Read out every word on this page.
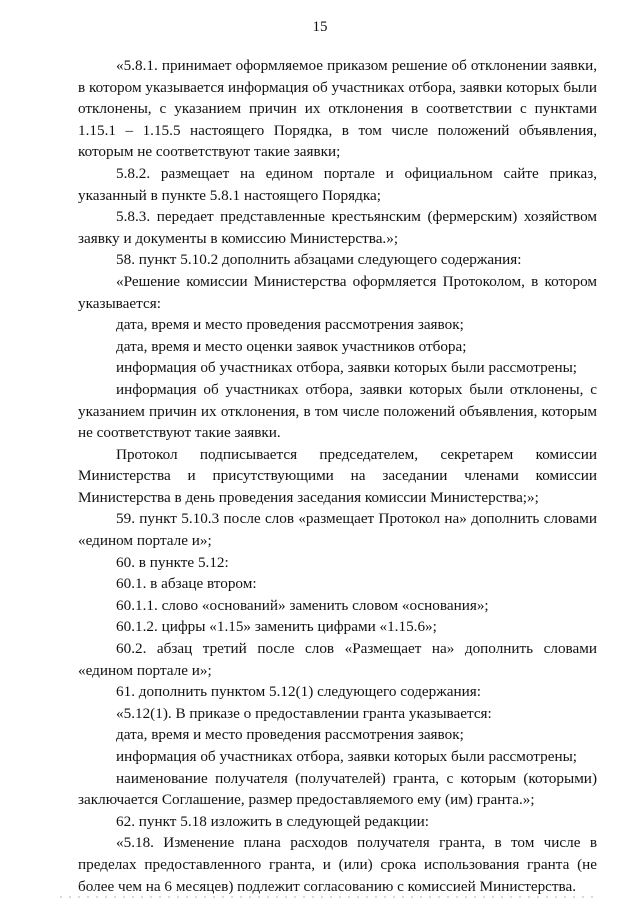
15

«5.8.1. принимает оформляемое приказом решение об отклонении заявки, в котором указывается информация об участниках отбора, заявки которых были отклонены, с указанием причин их отклонения в соответствии с пунктами 1.15.1 – 1.15.5 настоящего Порядка, в том числе положений объявления, которым не соответствуют такие заявки;

5.8.2. размещает на едином портале и официальном сайте приказ, указанный в пункте 5.8.1 настоящего Порядка;

5.8.3. передает представленные крестьянским (фермерским) хозяйством заявку и документы в комиссию Министерства.»;

58. пункт 5.10.2 дополнить абзацами следующего содержания:

«Решение комиссии Министерства оформляется Протоколом, в котором указывается:

дата, время и место проведения рассмотрения заявок;

дата, время и место оценки заявок участников отбора;

информация об участниках отбора, заявки которых были рассмотрены;

информация об участниках отбора, заявки которых были отклонены, с указанием причин их отклонения, в том числе положений объявления, которым не соответствуют такие заявки.

Протокол подписывается председателем, секретарем комиссии Министерства и присутствующими на заседании членами комиссии Министерства в день проведения заседания комиссии Министерства;»;

59. пункт 5.10.3 после слов «размещает Протокол на» дополнить словами «едином портале и»;

60. в пункте 5.12:

60.1. в абзаце втором:

60.1.1. слово «оснований» заменить словом «основания»;

60.1.2. цифры «1.15» заменить цифрами «1.15.6»;

60.2. абзац третий после слов «Размещает на» дополнить словами «едином портале и»;

61. дополнить пунктом 5.12(1) следующего содержания:

«5.12(1). В приказе о предоставлении гранта указывается:

дата, время и место проведения рассмотрения заявок;

информация об участниках отбора, заявки которых были рассмотрены;

наименование получателя (получателей) гранта, с которым (которыми) заключается Соглашение, размер предоставляемого ему (им) гранта.»;

62. пункт 5.18 изложить в следующей редакции:

«5.18. Изменение плана расходов получателя гранта, в том числе в пределах предоставленного гранта, и (или) срока использования гранта (не более чем на 6 месяцев) подлежит согласованию с комиссией Министерства.
